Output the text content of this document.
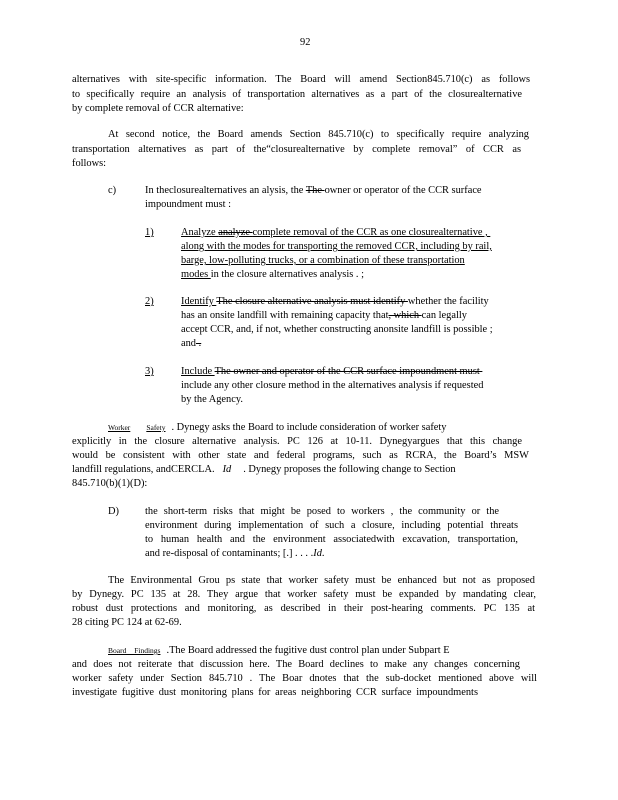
92
alternatives with site-specific information. The Board will amend Section845.710(c) as follows
to specifically require an analysis of transportation alternatives as a part of the closurealternative
by complete removal of CCR alternative:
At second notice, the Board amends Section 845.710(c) to specifically require analyzing
transportation alternatives as part of the“closurealternative by complete removal” of CCR as
follows:
c)	In theclosurealternatives an alysis, the The owner or operator of the CCR surface
impoundment must :
1)	Analyze analyze complete removal of the CCR as one closurealternative ,
along with the modes for transporting the removed CCR, including by rail,
barge, low-polluting trucks, or a combination of these transportation
modes in the closure alternatives analysis . ;
2)	Identify The closure alternative analysis must identify whether the facility
has an onsite landfill with remaining capacity that, which can legally
accept CCR, and, if not, whether constructing anonsite landfill is possible ;
and .
3)	Include The owner and operator of the CCR surface impoundment must
include any other closure method in the alternatives analysis if requested
by the Agency.
Worker Safety . Dynegy asks the Board to include consideration of worker safety
explicitly in the closure alternative analysis. PC 126 at 10-11. Dynegyargues that this change
would be consistent with other state and federal programs, such as RCRA, the Board’s MSW
landfill regulations, andCERCLA. Id . Dynegy proposes the following change to Section
845.710(b)(1)(D):
D)	the short-term risks that might be posed to workers , the community or the
environment during implementation of such a closure, including potential threats
to human health and the environment associatedwith excavation, transportation,
and re-disposal of contaminants; [.] . . . .Id.
The Environmental Grou ps state that worker safety must be enhanced but not as proposed
by Dynegy. PC 135 at 28. They argue that worker safety must be expanded by mandating clear,
robust dust protections and monitoring, as described in their post-hearing comments. PC 135 at
28 citing PC 124 at 62-69.
Board Findings .The Board addressed the fugitive dust control plan under Subpart E
and does not reiterate that discussion here. The Board declines to make any changes concerning
worker safety under Section 845.710 . The Boar dnotes that the sub-docket mentioned above will
investigate fugitive dust monitoring plans for areas neighboring CCR surface impoundments
